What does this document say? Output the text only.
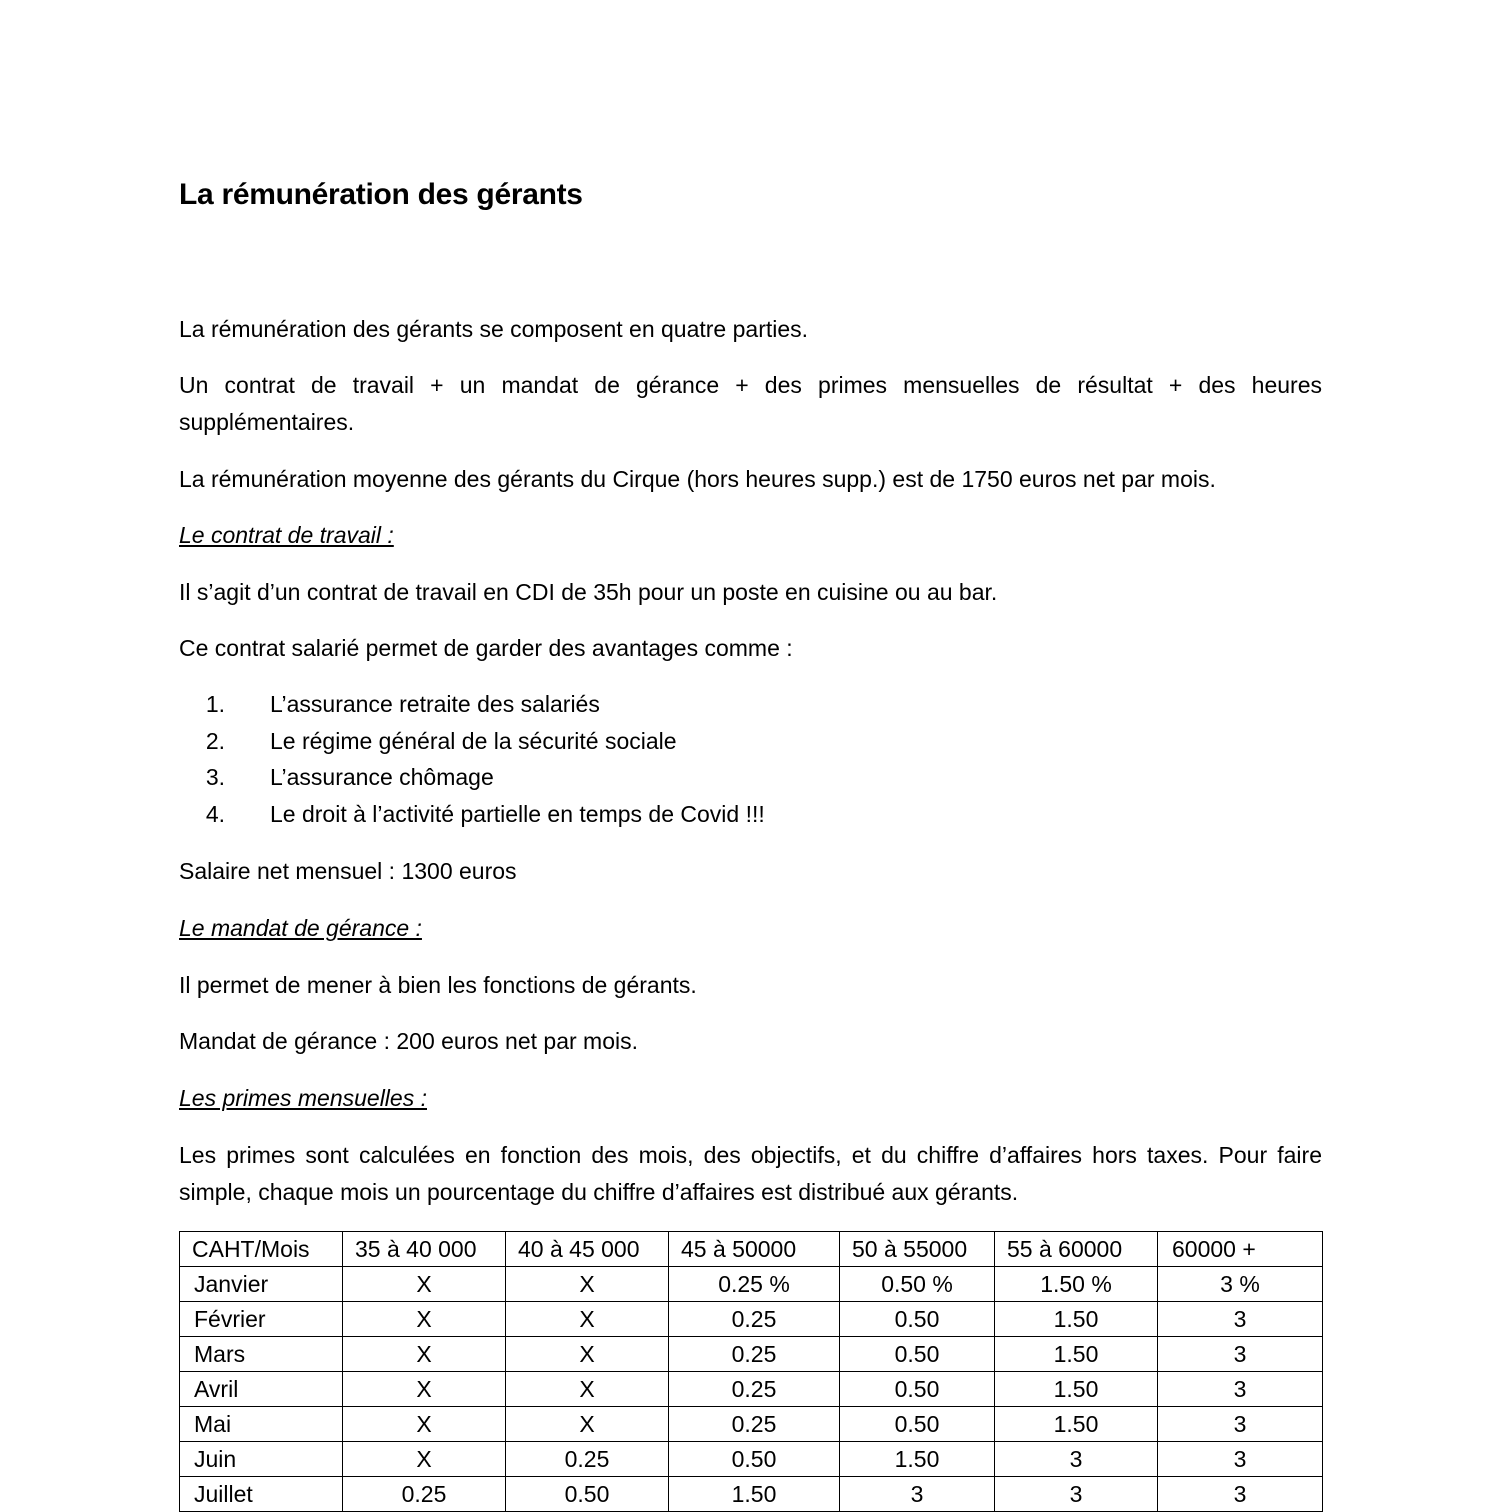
La rémunération des gérants

La rémunération des gérants se composent en quatre parties.

Un contrat de travail + un mandat de gérance + des primes mensuelles de résultat + des heures supplémentaires.

La rémunération moyenne des gérants du Cirque (hors heures supp.) est de 1750 euros net par mois.

Le contrat de travail :

Il s’agit d’un contrat de travail en CDI de 35h pour un poste en cuisine ou au bar.

Ce contrat salarié permet de garder des avantages comme :

1. L’assurance retraite des salariés
2. Le régime général de la sécurité sociale
3. L’assurance chômage
4. Le droit à l’activité partielle en temps de Covid !!!

Salaire net mensuel : 1300 euros

Le mandat de gérance :

Il permet de mener à bien les fonctions de gérants.

Mandat de gérance : 200 euros net par mois.

Les primes mensuelles :

Les primes sont calculées en fonction des mois, des objectifs, et du chiffre d’affaires hors taxes. Pour faire simple, chaque mois un pourcentage du chiffre d’affaires est distribué aux gérants.

CAHT/Mois	35 à 40 000	40 à 45 000	45 à 50000	50 à 55000	55 à 60000	60000 +
Janvier	X	X	0.25 %	0.50 %	1.50 %	3 %
Février	X	X	0.25	0.50	1.50	3
Mars	X	X	0.25	0.50	1.50	3
Avril	X	X	0.25	0.50	1.50	3
Mai	X	X	0.25	0.50	1.50	3
Juin	X	0.25	0.50	1.50	3	3
Juillet	0.25	0.50	1.50	3	3	3
